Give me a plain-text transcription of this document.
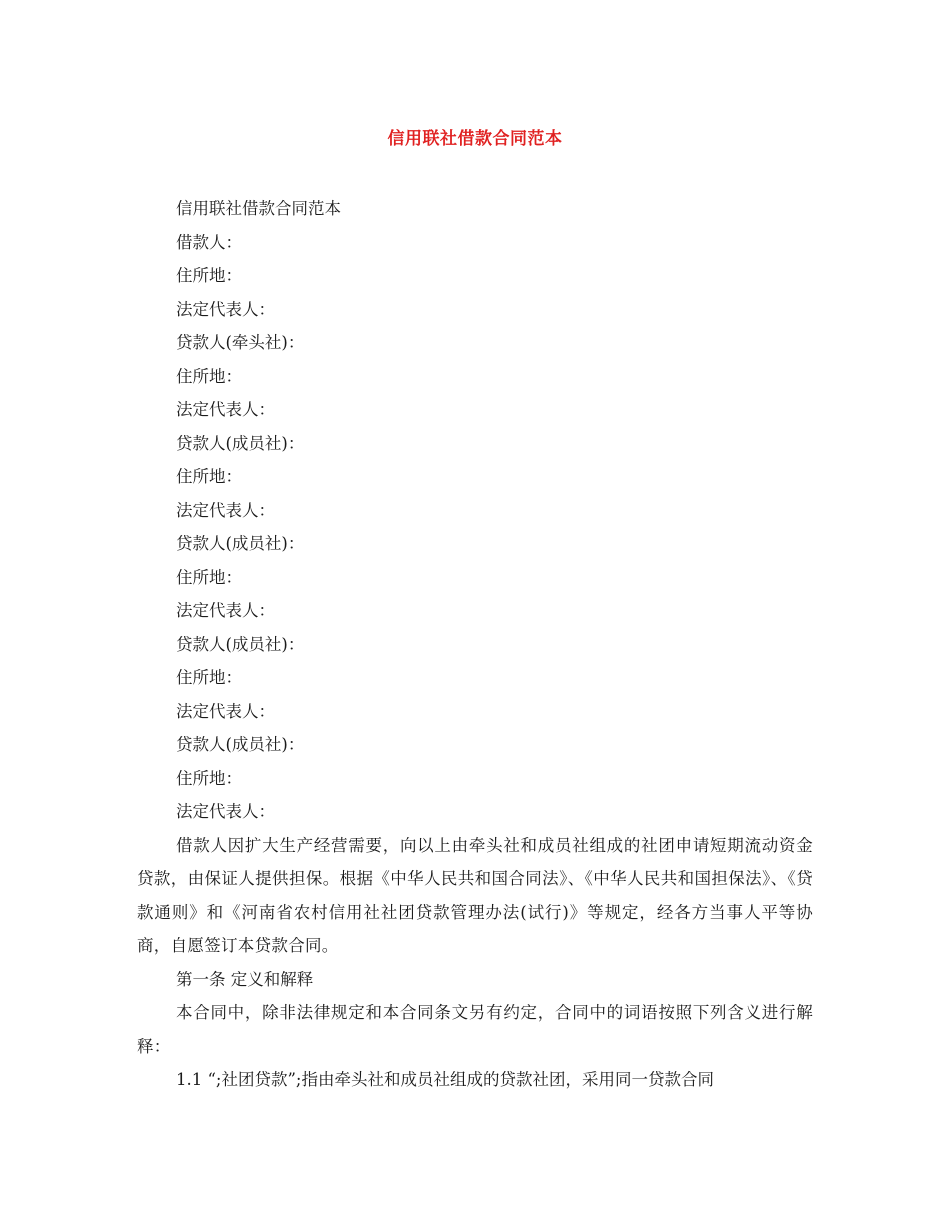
信用联社借款合同范本

信用联社借款合同范本

借款人：

住所地：

法定代表人：

贷款人(牵头社)：

住所地：

法定代表人：

贷款人(成员社)：

住所地：

法定代表人：

贷款人(成员社)：

住所地：

法定代表人：

贷款人(成员社)：

住所地：

法定代表人：

贷款人(成员社)：

住所地：

法定代表人：

借款人因扩大生产经营需要，向以上由牵头社和成员社组成的社团申请短期流动资金贷款，由保证人提供担保。根据《中华人民共和国合同法》、《中华人民共和国担保法》、《贷款通则》和《河南省农村信用社社团贷款管理办法(试行)》等规定，经各方当事人平等协商，自愿签订本贷款合同。

第一条 定义和解释

本合同中，除非法律规定和本合同条文另有约定，合同中的词语按照下列含义进行解释：

1.1 “;社团贷款”;指由牵头社和成员社组成的贷款社团，采用同一贷款合同
